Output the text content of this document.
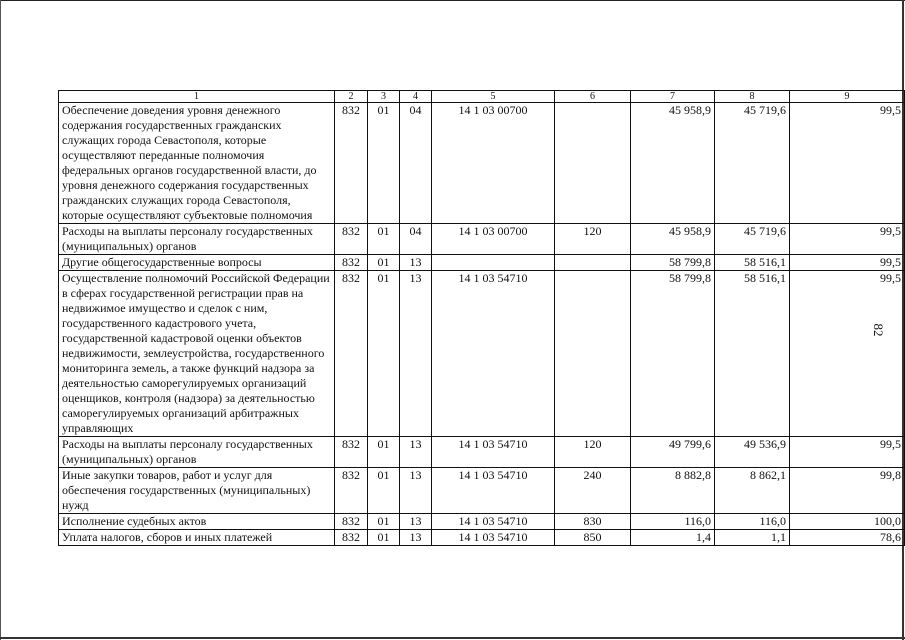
82
1	2	3	4	5	6	7	8	9
Обеспечение доведения уровня денежного содержания государственных гражданских служащих города Севастополя, которые осуществляют переданные полномочия федеральных органов государственной власти, до уровня денежного содержания государственных гражданских служащих города Севастополя, которые осуществляют субъектовые полномочия	832	01	04	14 1 03 00700		45 958,9	45 719,6	99,5
Расходы на выплаты персоналу государственных (муниципальных) органов	832	01	04	14 1 03 00700	120	45 958,9	45 719,6	99,5
Другие общегосударственные вопросы	832	01	13			58 799,8	58 516,1	99,5
Осуществление полномочий Российской Федерации в сферах государственной регистрации прав на недвижимое имущество и сделок с ним, государственного кадастрового учета, государственной кадастровой оценки объектов недвижимости, землеустройства, государственного мониторинга земель, а также функций надзора за деятельностью саморегулируемых организаций оценщиков, контроля (надзора) за деятельностью саморегулируемых организаций арбитражных управляющих	832	01	13	14 1 03 54710		58 799,8	58 516,1	99,5
Расходы на выплаты персоналу государственных (муниципальных) органов	832	01	13	14 1 03 54710	120	49 799,6	49 536,9	99,5
Иные закупки товаров, работ и услуг для обеспечения государственных (муниципальных) нужд	832	01	13	14 1 03 54710	240	8 882,8	8 862,1	99,8
Исполнение судебных актов	832	01	13	14 1 03 54710	830	116,0	116,0	100,0
Уплата налогов, сборов и иных платежей	832	01	13	14 1 03 54710	850	1,4	1,1	78,6
